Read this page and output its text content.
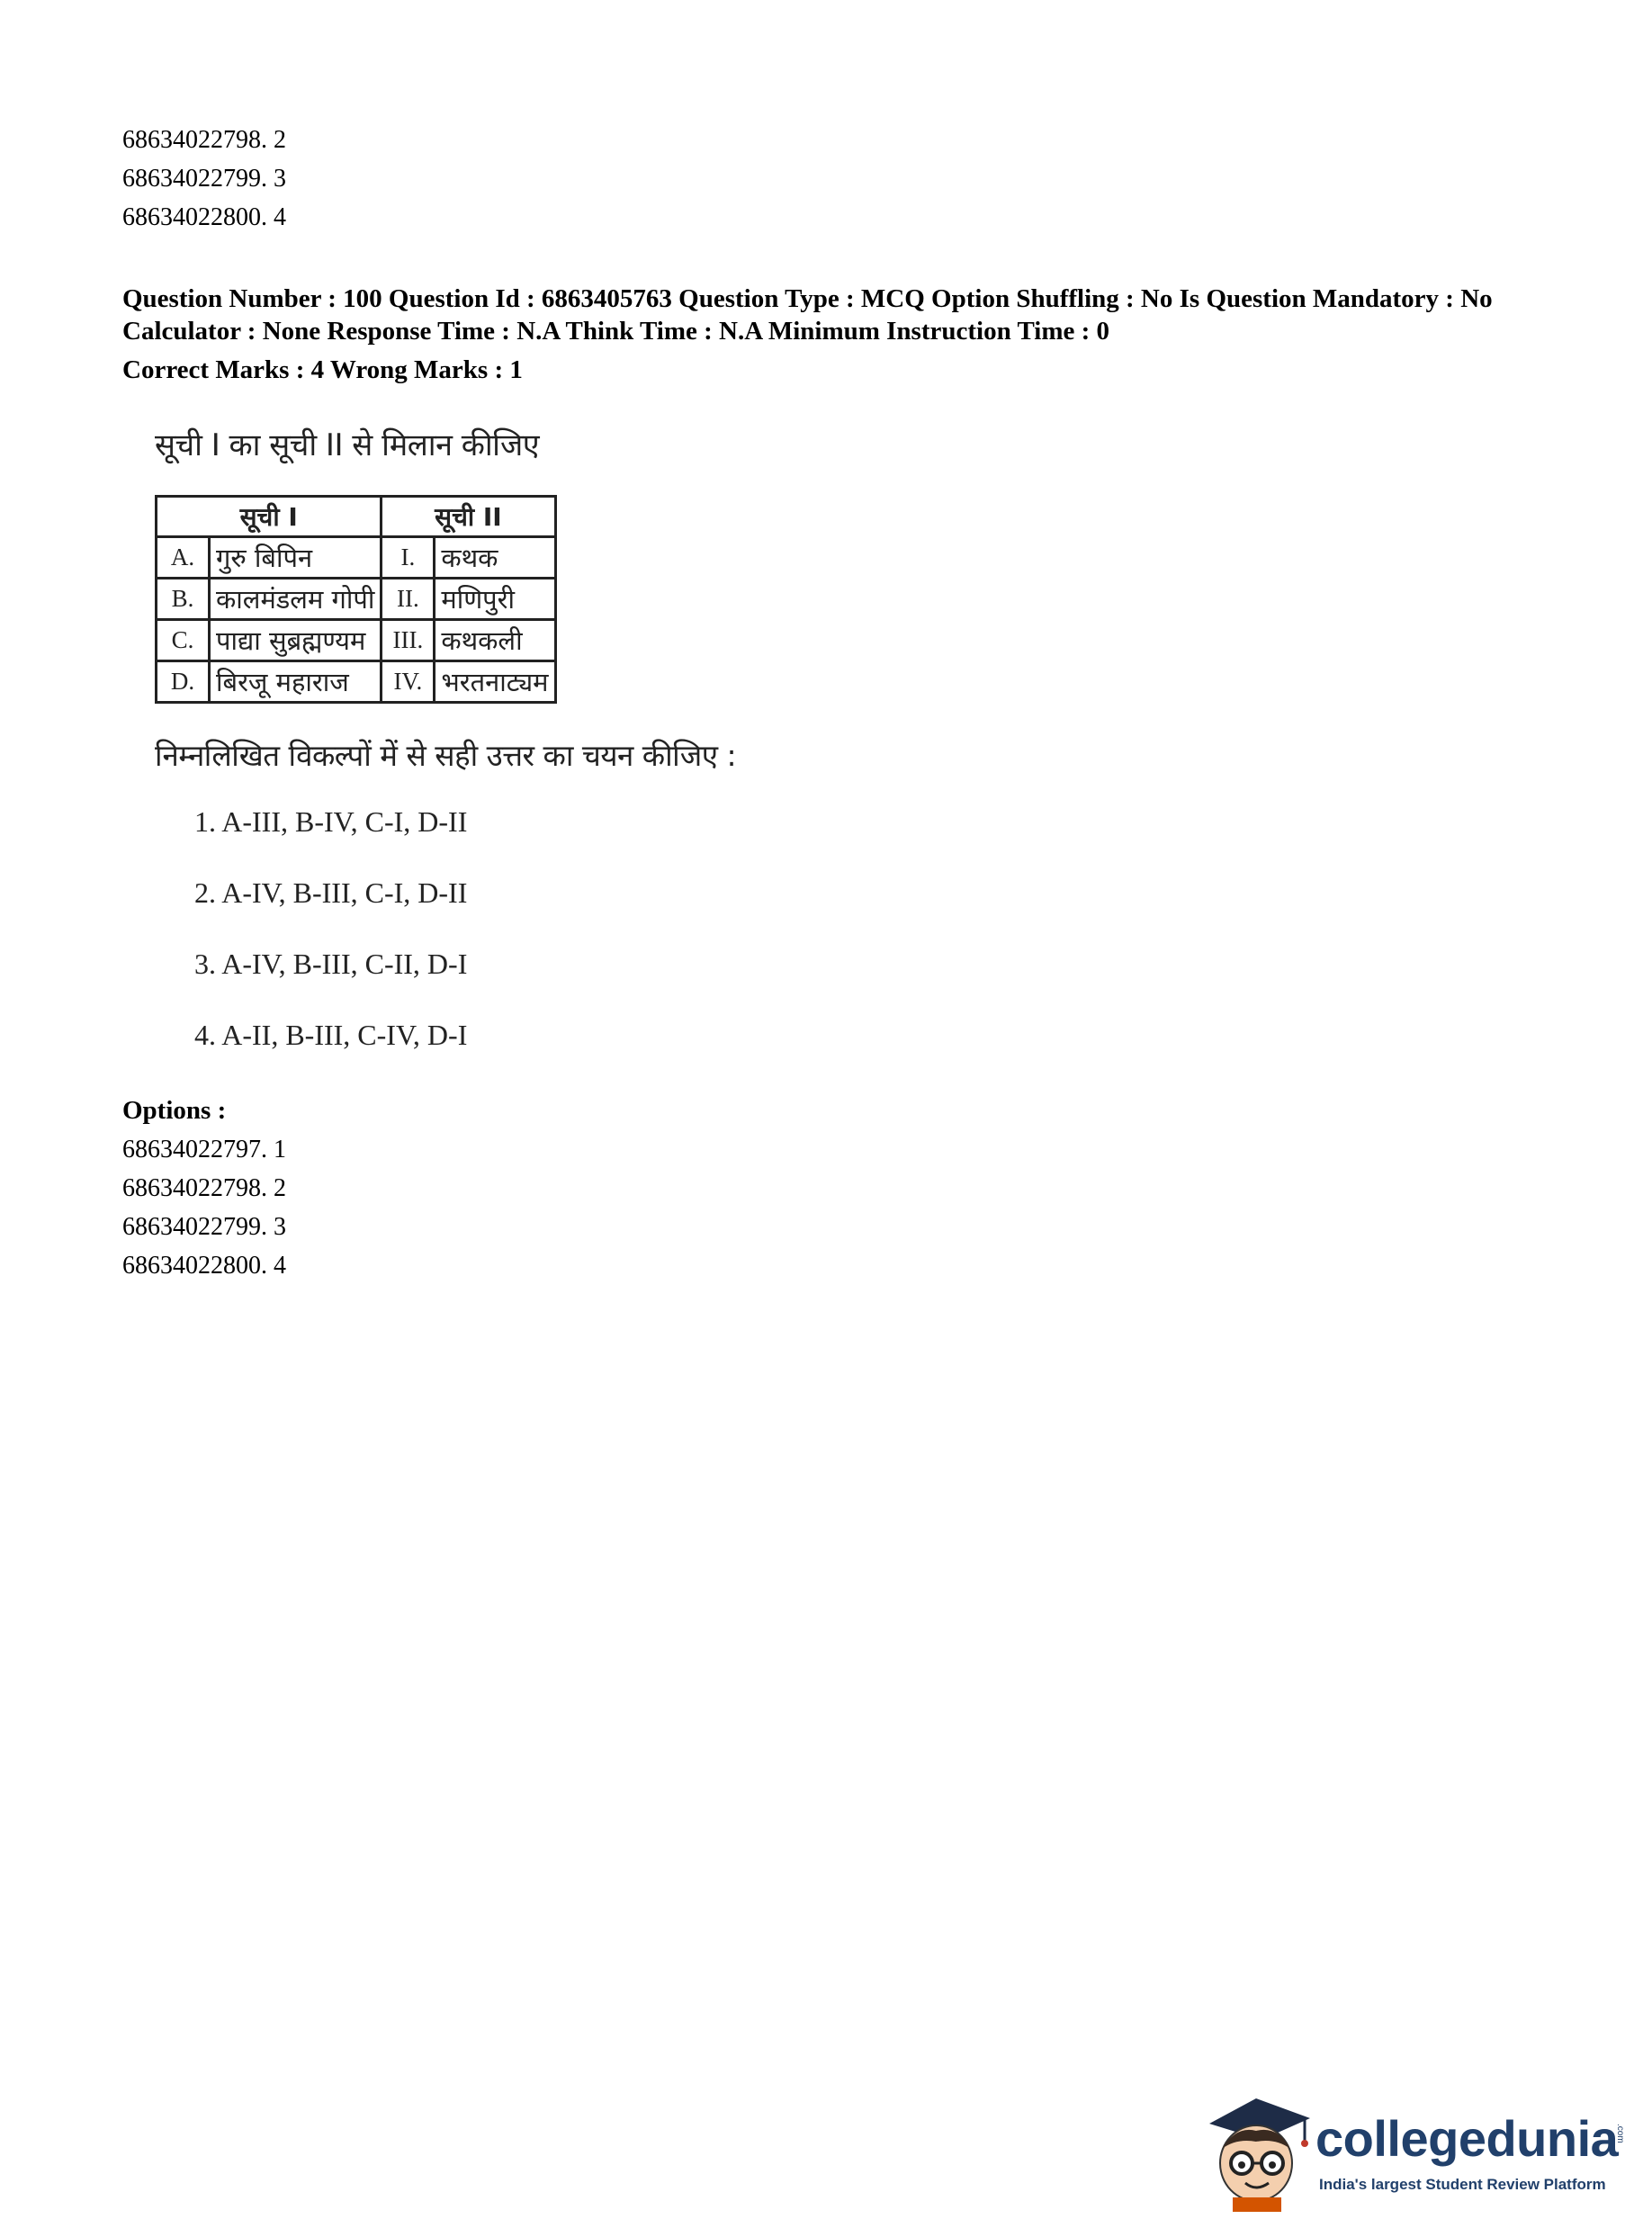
68634022798. 2
68634022799. 3
68634022800. 4
Question Number : 100 Question Id : 6863405763 Question Type : MCQ Option Shuffling : No Is Question Mandatory : No Calculator : None Response Time : N.A Think Time : N.A Minimum Instruction Time : 0
Correct Marks : 4 Wrong Marks : 1
सूची I का सूची II से मिलान कीजिए
सूची I		सूची II	
A.	गुरु बिपिन	I.	कथक
B.	कालमंडलम गोपी	II.	मणिपुरी
C.	पाद्या सुब्रह्मण्यम	III.	कथकली
D.	बिरजू महाराज	IV.	भरतनाट्यम
निम्नलिखित विकल्पों में से सही उत्तर का चयन कीजिए :
1. A-III, B-IV, C-I, D-II
2. A-IV, B-III, C-I, D-II
3. A-IV, B-III, C-II, D-I
4. A-II, B-III, C-IV, D-I
Options :
68634022797. 1
68634022798. 2
68634022799. 3
68634022800. 4
collegedunia
.com
India's largest Student Review Platform
